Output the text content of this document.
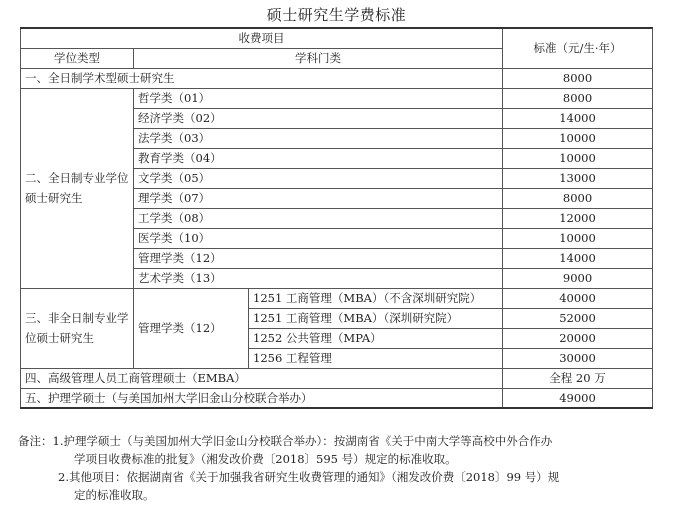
硕士研究生学费标准
收费项目			标准（元/生·年）
学位类型	学科门类		
一、全日制学术型硕士研究生			8000
二、全日制专业学位
硕士研究生	哲学类（01）		8000
	经济学类（02）		14000
	法学类（03）		10000
	教育学类（04）		10000
	文学类（05）		13000
	理学类（07）		8000
	工学类（08）		12000
	医学类（10）		10000
	管理学类（12）		14000
	艺术学类（13）		9000
三、非全日制专业学
位硕士研究生	管理学类（12）	1251 工商管理（MBA）（不含深圳研究院）	40000
		1251 工商管理（MBA）（深圳研究院）	52000
		1252 公共管理（MPA）	20000
		1256 工程管理	30000
四、高级管理人员工商管理硕士（EMBA）			全程 20 万
五、护理学硕士（与美国加州大学旧金山分校联合举办）			49000
备注：1.护理学硕士（与美国加州大学旧金山分校联合举办）：按湖南省《关于中南大学等高校中外合作办
学项目收费标准的批复》（湘发改价费〔2018〕595 号）规定的标准收取。
2.其他项目：依据湖南省《关于加强我省研究生收费管理的通知》（湘发改价费〔2018〕99 号）规
定的标准收取。
